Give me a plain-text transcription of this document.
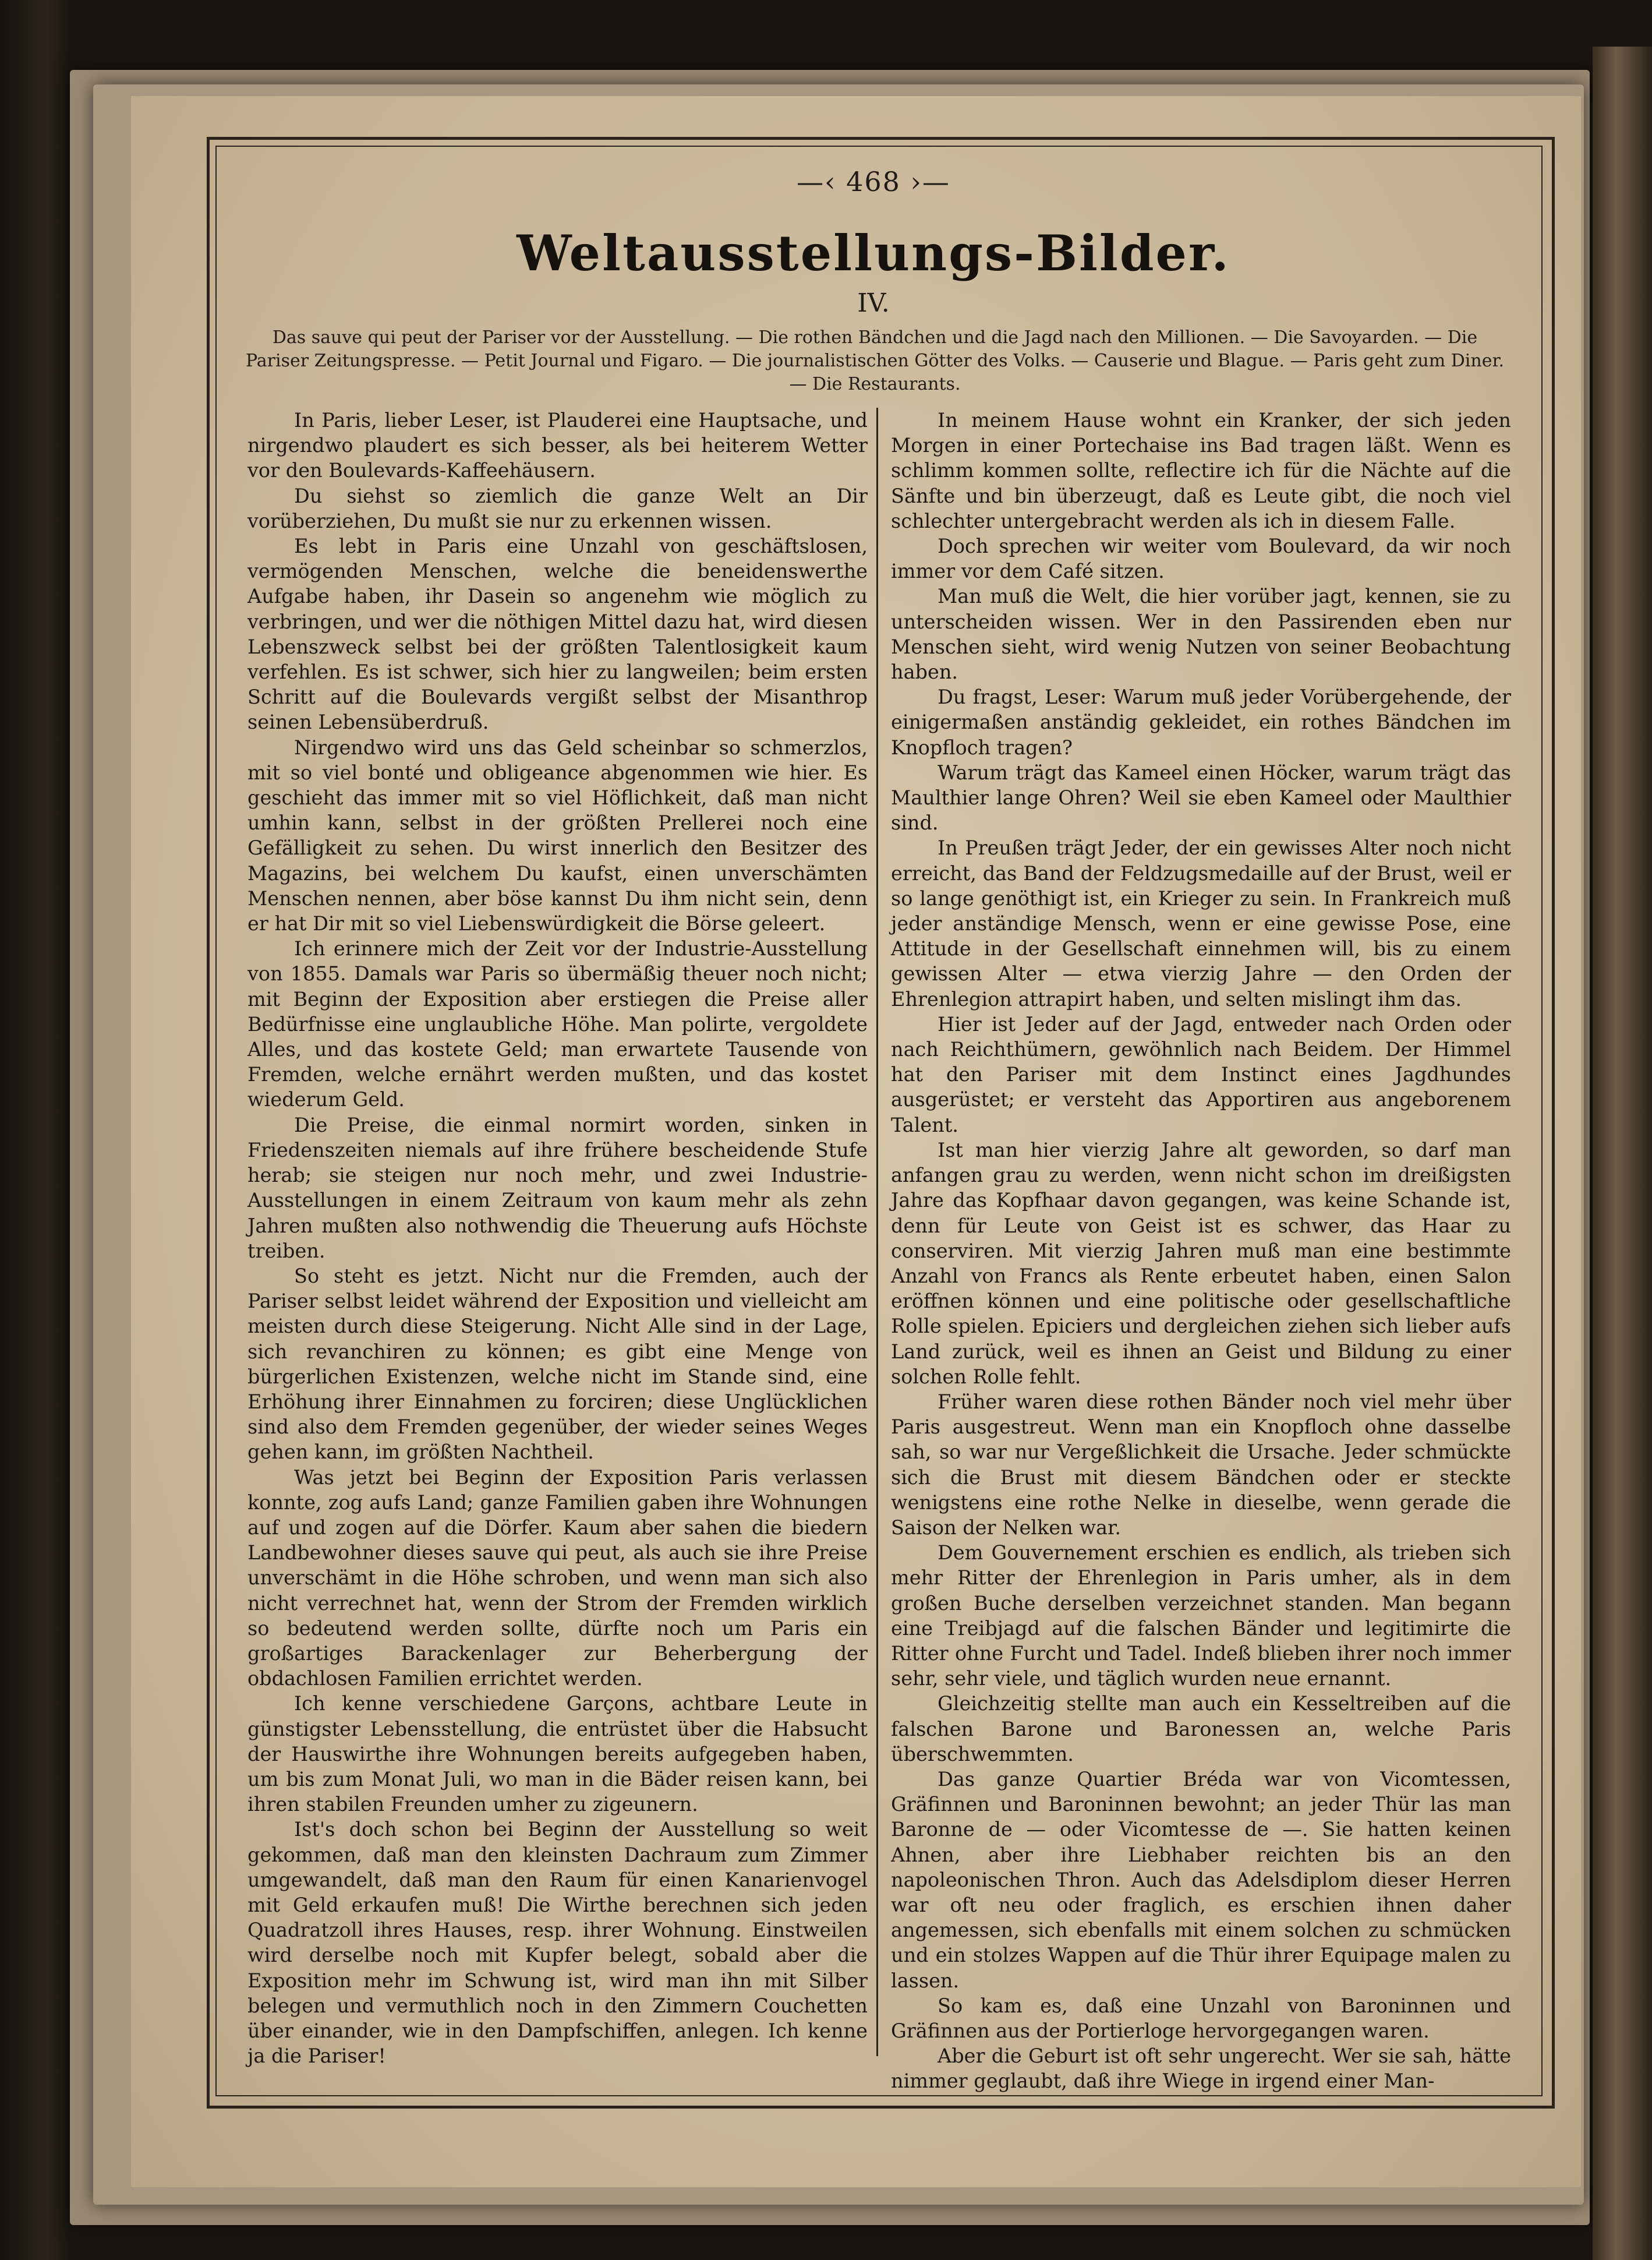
—‹ 468 ›—
Weltausstellungs-Bilder.
IV.
Das sauve qui peut der Pariser vor der Ausstellung. — Die rothen Bändchen und die Jagd nach den Millionen. — Die Savoyarden. — Die Pariser Zeitungspresse. — Petit Journal und Figaro. — Die journalistischen Götter des Volks. — Causerie und Blague. — Paris geht zum Diner. — Die Restaurants.

In Paris, lieber Leser, ist Plauderei eine Hauptsache, und nirgendwo plaudert es sich besser, als bei heiterem Wetter vor den Boulevards-Kaffeehäusern.

Du siehst so ziemlich die ganze Welt an Dir vorüberziehen, Du mußt sie nur zu erkennen wissen.

Es lebt in Paris eine Unzahl von geschäftslosen, vermögenden Menschen, welche die beneidenswerthe Aufgabe haben, ihr Dasein so angenehm wie möglich zu verbringen, und wer die nöthigen Mittel dazu hat, wird diesen Lebenszweck selbst bei der größten Talentlosigkeit kaum verfehlen. Es ist schwer, sich hier zu langweilen; beim ersten Schritt auf die Boulevards vergißt selbst der Misanthrop seinen Lebensüberdruß.

Nirgendwo wird uns das Geld scheinbar so schmerzlos, mit so viel bonté und obligeance abgenommen wie hier. Es geschieht das immer mit so viel Höflichkeit, daß man nicht umhin kann, selbst in der größten Prellerei noch eine Gefälligkeit zu sehen. Du wirst innerlich den Besitzer des Magazins, bei welchem Du kaufst, einen unverschämten Menschen nennen, aber böse kannst Du ihm nicht sein, denn er hat Dir mit so viel Liebenswürdigkeit die Börse geleert.

Ich erinnere mich der Zeit vor der Industrie-Ausstellung von 1855. Damals war Paris so übermäßig theuer noch nicht; mit Beginn der Exposition aber erstiegen die Preise aller Bedürfnisse eine unglaubliche Höhe. Man polirte, vergoldete Alles, und das kostete Geld; man erwartete Tausende von Fremden, welche ernährt werden mußten, und das kostet wiederum Geld.

Die Preise, die einmal normirt worden, sinken in Friedenszeiten niemals auf ihre frühere bescheidende Stufe herab; sie steigen nur noch mehr, und zwei Industrie-Ausstellungen in einem Zeitraum von kaum mehr als zehn Jahren mußten also nothwendig die Theuerung aufs Höchste treiben.

So steht es jetzt. Nicht nur die Fremden, auch der Pariser selbst leidet während der Exposition und vielleicht am meisten durch diese Steigerung. Nicht Alle sind in der Lage, sich revanchiren zu können; es gibt eine Menge von bürgerlichen Existenzen, welche nicht im Stande sind, eine Erhöhung ihrer Einnahmen zu forciren; diese Unglücklichen sind also dem Fremden gegenüber, der wieder seines Weges gehen kann, im größten Nachtheil.

Was jetzt bei Beginn der Exposition Paris verlassen konnte, zog aufs Land; ganze Familien gaben ihre Wohnungen auf und zogen auf die Dörfer. Kaum aber sahen die biedern Landbewohner dieses sauve qui peut, als auch sie ihre Preise unverschämt in die Höhe schroben, und wenn man sich also nicht verrechnet hat, wenn der Strom der Fremden wirklich so bedeutend werden sollte, dürfte noch um Paris ein großartiges Barackenlager zur Beherbergung der obdachlosen Familien errichtet werden.

Ich kenne verschiedene Garçons, achtbare Leute in günstigster Lebensstellung, die entrüstet über die Habsucht der Hauswirthe ihre Wohnungen bereits aufgegeben haben, um bis zum Monat Juli, wo man in die Bäder reisen kann, bei ihren stabilen Freunden umher zu zigeunern.

Ist's doch schon bei Beginn der Ausstellung so weit gekommen, daß man den kleinsten Dachraum zum Zimmer umgewandelt, daß man den Raum für einen Kanarienvogel mit Geld erkaufen muß! Die Wirthe berechnen sich jeden Quadratzoll ihres Hauses, resp. ihrer Wohnung. Einstweilen wird derselbe noch mit Kupfer belegt, sobald aber die Exposition mehr im Schwung ist, wird man ihn mit Silber belegen und vermuthlich noch in den Zimmern Couchetten über einander, wie in den Dampfschiffen, anlegen. Ich kenne ja die Pariser!

In meinem Hause wohnt ein Kranker, der sich jeden Morgen in einer Portechaise ins Bad tragen läßt. Wenn es schlimm kommen sollte, reflectire ich für die Nächte auf die Sänfte und bin überzeugt, daß es Leute gibt, die noch viel schlechter untergebracht werden als ich in diesem Falle.

Doch sprechen wir weiter vom Boulevard, da wir noch immer vor dem Café sitzen.

Man muß die Welt, die hier vorüber jagt, kennen, sie zu unterscheiden wissen. Wer in den Passirenden eben nur Menschen sieht, wird wenig Nutzen von seiner Beobachtung haben.

Du fragst, Leser: Warum muß jeder Vorübergehende, der einigermaßen anständig gekleidet, ein rothes Bändchen im Knopfloch tragen?

Warum trägt das Kameel einen Höcker, warum trägt das Maulthier lange Ohren? Weil sie eben Kameel oder Maulthier sind.

In Preußen trägt Jeder, der ein gewisses Alter noch nicht erreicht, das Band der Feldzugsmedaille auf der Brust, weil er so lange genöthigt ist, ein Krieger zu sein. In Frankreich muß jeder anständige Mensch, wenn er eine gewisse Pose, eine Attitude in der Gesellschaft einnehmen will, bis zu einem gewissen Alter — etwa vierzig Jahre — den Orden der Ehrenlegion attrapirt haben, und selten mislingt ihm das.

Hier ist Jeder auf der Jagd, entweder nach Orden oder nach Reichthümern, gewöhnlich nach Beidem. Der Himmel hat den Pariser mit dem Instinct eines Jagdhundes ausgerüstet; er versteht das Apportiren aus angeborenem Talent.

Ist man hier vierzig Jahre alt geworden, so darf man anfangen grau zu werden, wenn nicht schon im dreißigsten Jahre das Kopfhaar davon gegangen, was keine Schande ist, denn für Leute von Geist ist es schwer, das Haar zu conserviren. Mit vierzig Jahren muß man eine bestimmte Anzahl von Francs als Rente erbeutet haben, einen Salon eröffnen können und eine politische oder gesellschaftliche Rolle spielen. Epiciers und dergleichen ziehen sich lieber aufs Land zurück, weil es ihnen an Geist und Bildung zu einer solchen Rolle fehlt.

Früher waren diese rothen Bänder noch viel mehr über Paris ausgestreut. Wenn man ein Knopfloch ohne dasselbe sah, so war nur Vergeßlichkeit die Ursache. Jeder schmückte sich die Brust mit diesem Bändchen oder er steckte wenigstens eine rothe Nelke in dieselbe, wenn gerade die Saison der Nelken war.

Dem Gouvernement erschien es endlich, als trieben sich mehr Ritter der Ehrenlegion in Paris umher, als in dem großen Buche derselben verzeichnet standen. Man begann eine Treibjagd auf die falschen Bänder und legitimirte die Ritter ohne Furcht und Tadel. Indeß blieben ihrer noch immer sehr, sehr viele, und täglich wurden neue ernannt.

Gleichzeitig stellte man auch ein Kesseltreiben auf die falschen Barone und Baronessen an, welche Paris überschwemmten.

Das ganze Quartier Bréda war von Vicomtessen, Gräfinnen und Baroninnen bewohnt; an jeder Thür las man Baronne de — oder Vicomtesse de —. Sie hatten keinen Ahnen, aber ihre Liebhaber reichten bis an den napoleonischen Thron. Auch das Adelsdiplom dieser Herren war oft neu oder fraglich, es erschien ihnen daher angemessen, sich ebenfalls mit einem solchen zu schmücken und ein stolzes Wappen auf die Thür ihrer Equipage malen zu lassen.

So kam es, daß eine Unzahl von Baroninnen und Gräfinnen aus der Portierloge hervorgegangen waren.

Aber die Geburt ist oft sehr ungerecht. Wer sie sah, hätte nimmer geglaubt, daß ihre Wiege in irgend einer Man-
